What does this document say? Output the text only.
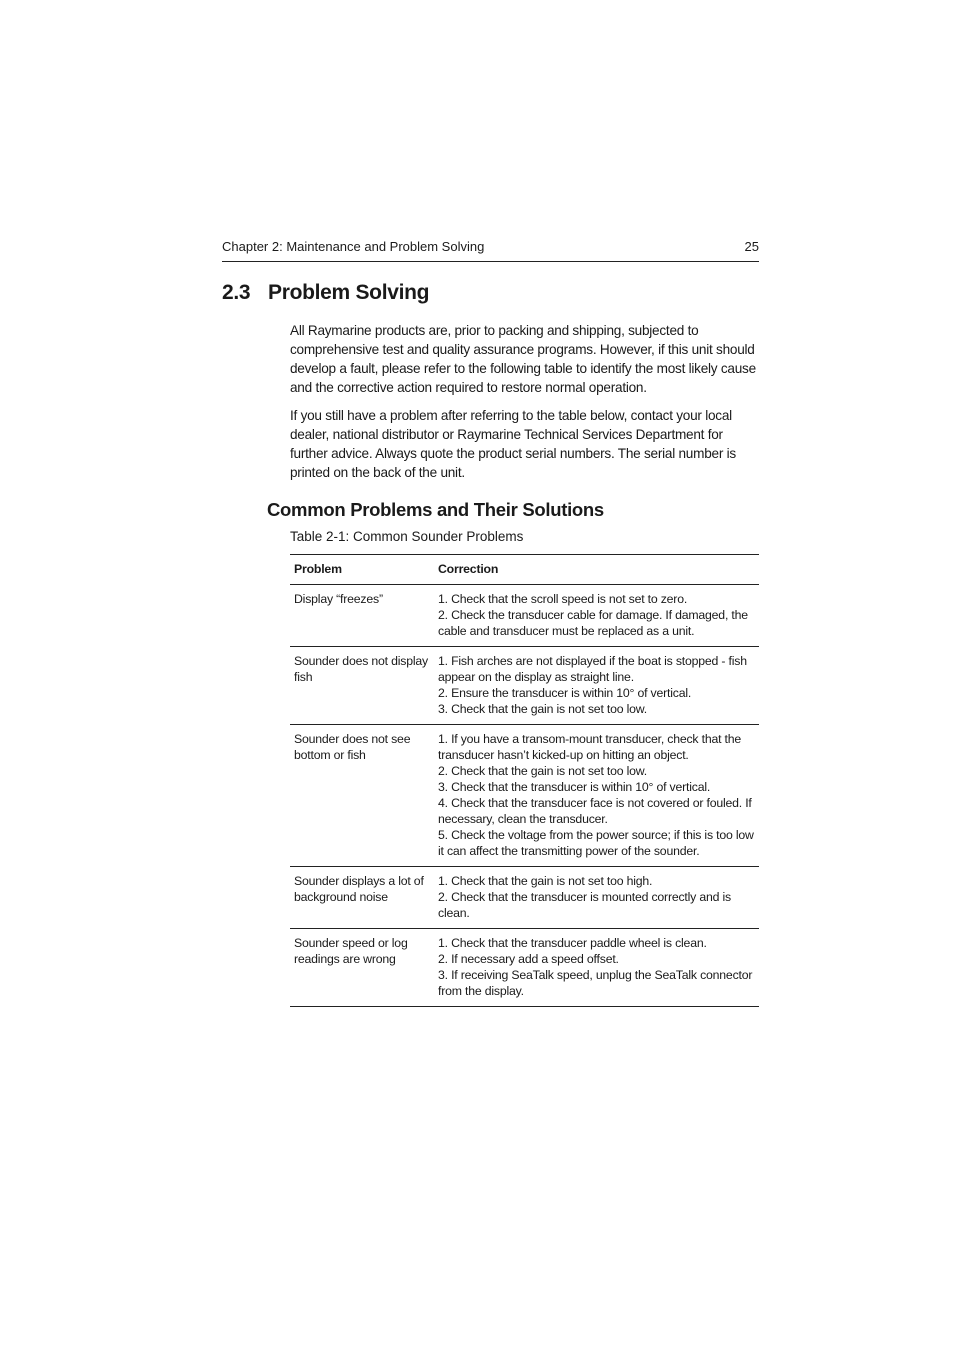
Chapter 2: Maintenance and Problem Solving	25
2.3 Problem Solving

All Raymarine products are, prior to packing and shipping, subjected to comprehensive test and quality assurance programs. However, if this unit should develop a fault, please refer to the following table to identify the most likely cause and the corrective action required to restore normal operation.

If you still have a problem after referring to the table below, contact your local dealer, national distributor or Raymarine Technical Services Department for further advice. Always quote the product serial numbers. The serial number is printed on the back of the unit.

Common Problems and Their Solutions
Table 2-1: Common Sounder Problems
Problem	Correction
Display “freezes”	1. Check that the scroll speed is not set to zero.
2. Check the transducer cable for damage. If damaged, the cable and transducer must be replaced as a unit.

Sounder does not display fish	1. Fish arches are not displayed if the boat is stopped - fish appear on the display as straight line.
2. Ensure the transducer is within 10° of vertical.
3. Check that the gain is not set too low.

Sounder does not see bottom or fish	1. If you have a transom-mount transducer, check that the transducer hasn’t kicked-up on hitting an object.
2. Check that the gain is not set too low.
3. Check that the transducer is within 10° of vertical.
4. Check that the transducer face is not covered or fouled. If necessary, clean the transducer.
5. Check the voltage from the power source; if this is too low it can affect the transmitting power of the sounder.

Sounder displays a lot of background noise	1. Check that the gain is not set too high.
2. Check that the transducer is mounted correctly and is clean.

Sounder speed or log readings are wrong	1. Check that the transducer paddle wheel is clean.
2. If necessary add a speed offset.
3. If receiving SeaTalk speed, unplug the SeaTalk connector from the display.
